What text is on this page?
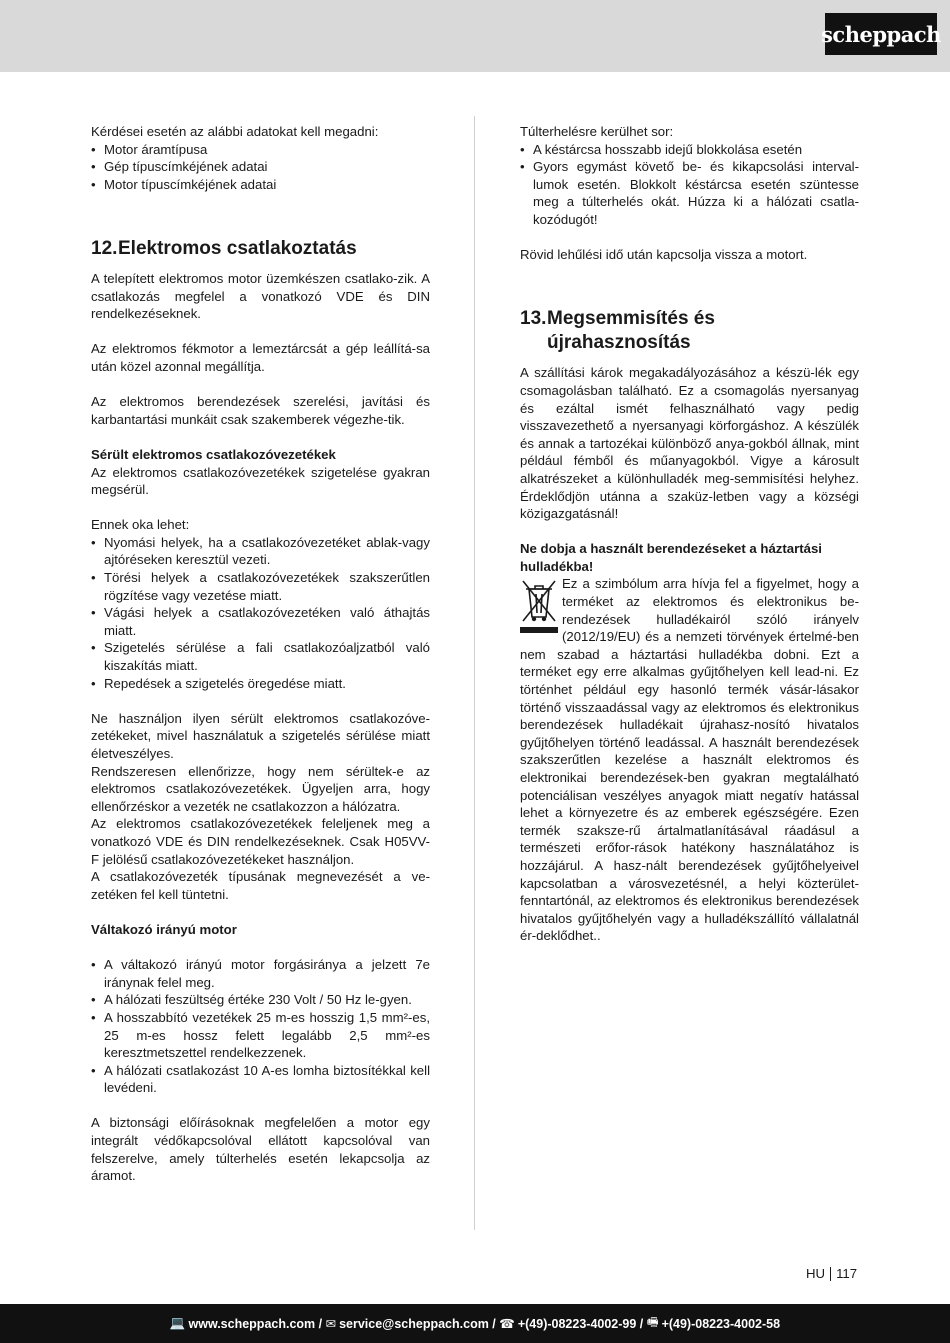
scheppach

Kérdései esetén az alábbi adatokat kell megadni:

• Motor áramtípusa
• Gép típuscímkéjének adatai
• Motor típuscímkéjének adatai
12. Elektromos csatlakoztatás

A telepített elektromos motor üzemkészen csatlako-zik. A csatlakozás megfelel a vonatkozó VDE és DIN rendelkezéseknek.

Az elektromos fékmotor a lemeztárcsát a gép leállítá-sa után közel azonnal megállítja.

Az elektromos berendezések szerelési, javítási és karbantartási munkáit csak szakemberek végezhe-tik.

Sérült elektromos csatlakozóvezetékek

Az elektromos csatlakozóvezetékek szigetelése gyakran megsérül.

Ennek oka lehet:

• Nyomási helyek, ha a csatlakozóvezetéket ablak-vagy ajtóréseken keresztül vezeti.
• Törési helyek a csatlakozóvezetékek szakszerűtlen rögzítése vagy vezetése miatt.
• Vágási helyek a csatlakozóvezetéken való áthajtás miatt.
• Szigetelés sérülése a fali csatlakozóaljzatból való kiszakítás miatt.
• Repedések a szigetelés öregedése miatt.

Ne használjon ilyen sérült elektromos csatlakozóve-zetékeket, mivel használatuk a szigetelés sérülése miatt életveszélyes.

Rendszeresen ellenőrizze, hogy nem sérültek-e az elektromos csatlakozóvezetékek. Ügyeljen arra, hogy ellenőrzéskor a vezeték ne csatlakozzon a hálózatra.

Az elektromos csatlakozóvezetékek feleljenek meg a vonatkozó VDE és DIN rendelkezéseknek. Csak H05VV-F jelölésű csatlakozóvezetékeket használjon.

A csatlakozóvezeték típusának megnevezését a ve-zetéken fel kell tüntetni.

Váltakozó irányú motor

• A váltakozó irányú motor forgásiránya a jelzett 7e iránynak felel meg.
• A hálózati feszültség értéke 230 Volt / 50 Hz le-gyen.
• A hosszabbító vezetékek 25 m-es hosszig 1,5 mm²-es, 25 m-es hossz felett legalább 2,5 mm²-es keresztmetszettel rendelkezzenek.
• A hálózati csatlakozást 10 A-es lomha biztosítékkal kell levédeni.

A biztonsági előírásoknak megfelelően a motor egy integrált védőkapcsolóval ellátott kapcsolóval van felszerelve, amely túlterhelés esetén lekapcsolja az áramot.

Túlterhelésre kerülhet sor:

• A késtárcsa hosszabb idejű blokkolása esetén
• Gyors egymást követő be- és kikapcsolási interval-lumok esetén. Blokkolt késtárcsa esetén szüntesse meg a túlterhelés okát. Húzza ki a hálózati csatla-kozódugót!

Rövid lehűlési idő után kapcsolja vissza a motort.

13. Megsemmisítés és újrahasznosítás

A szállítási károk megakadályozásához a készü-lék egy csomagolásban található. Ez a csomagolás nyersanyag és ezáltal ismét felhasználható vagy pedig visszavezethető a nyersanyagi körforgáshoz. A készülék és annak a tartozékai különböző anya-gokból állnak, mint például fémből és műanyagokból. Vigye a károsult alkatrészeket a különhulladék meg-semmisítési helyhez. Érdeklődjön utánna a szaküz-letben vagy a községi közigazgatásnál!

Ne dobja a használt berendezéseket a háztartási hulladékba!

Ez a szimbólum arra hívja fel a figyelmet, hogy a terméket az elektromos és elektronikus be-rendezések hulladékairól szóló irányelv (2012/19/EU) és a nemzeti törvények értelmé-ben nem szabad a háztartási hulladékba dobni. Ezt a terméket egy erre alkalmas gyűjtőhelyen kell lead-ni. Ez történhet például egy hasonló termék vásár-lásakor történő visszaadással vagy az elektromos és elektronikus berendezések hulladékait újrahasz-nosító hivatalos gyűjtőhelyen történő leadással. A használt berendezések szakszerűtlen kezelése a használt elektromos és elektronikai berendezések-ben gyakran megtalálható potenciálisan veszélyes anyagok miatt negatív hatással lehet a környezetre és az emberek egészségére. Ezen termék szaksze-rű ártalmatlanításával ráadásul a természeti erőfor-rások hatékony használatához is hozzájárul. A hasz-nált berendezések gyűjtőhelyeivel kapcsolatban a városvezetésnél, a helyi közterület-fenntartónál, az elektromos és elektronikus berendezések hivatalos gyűjtőhelyén vagy a hulladékszállító vállalatnál ér-deklődhet..

HU 117
💻 www.scheppach.com / ✉ service@scheppach.com / ☎ +(49)-08223-4002-99 / 🖷 +(49)-08223-4002-58
